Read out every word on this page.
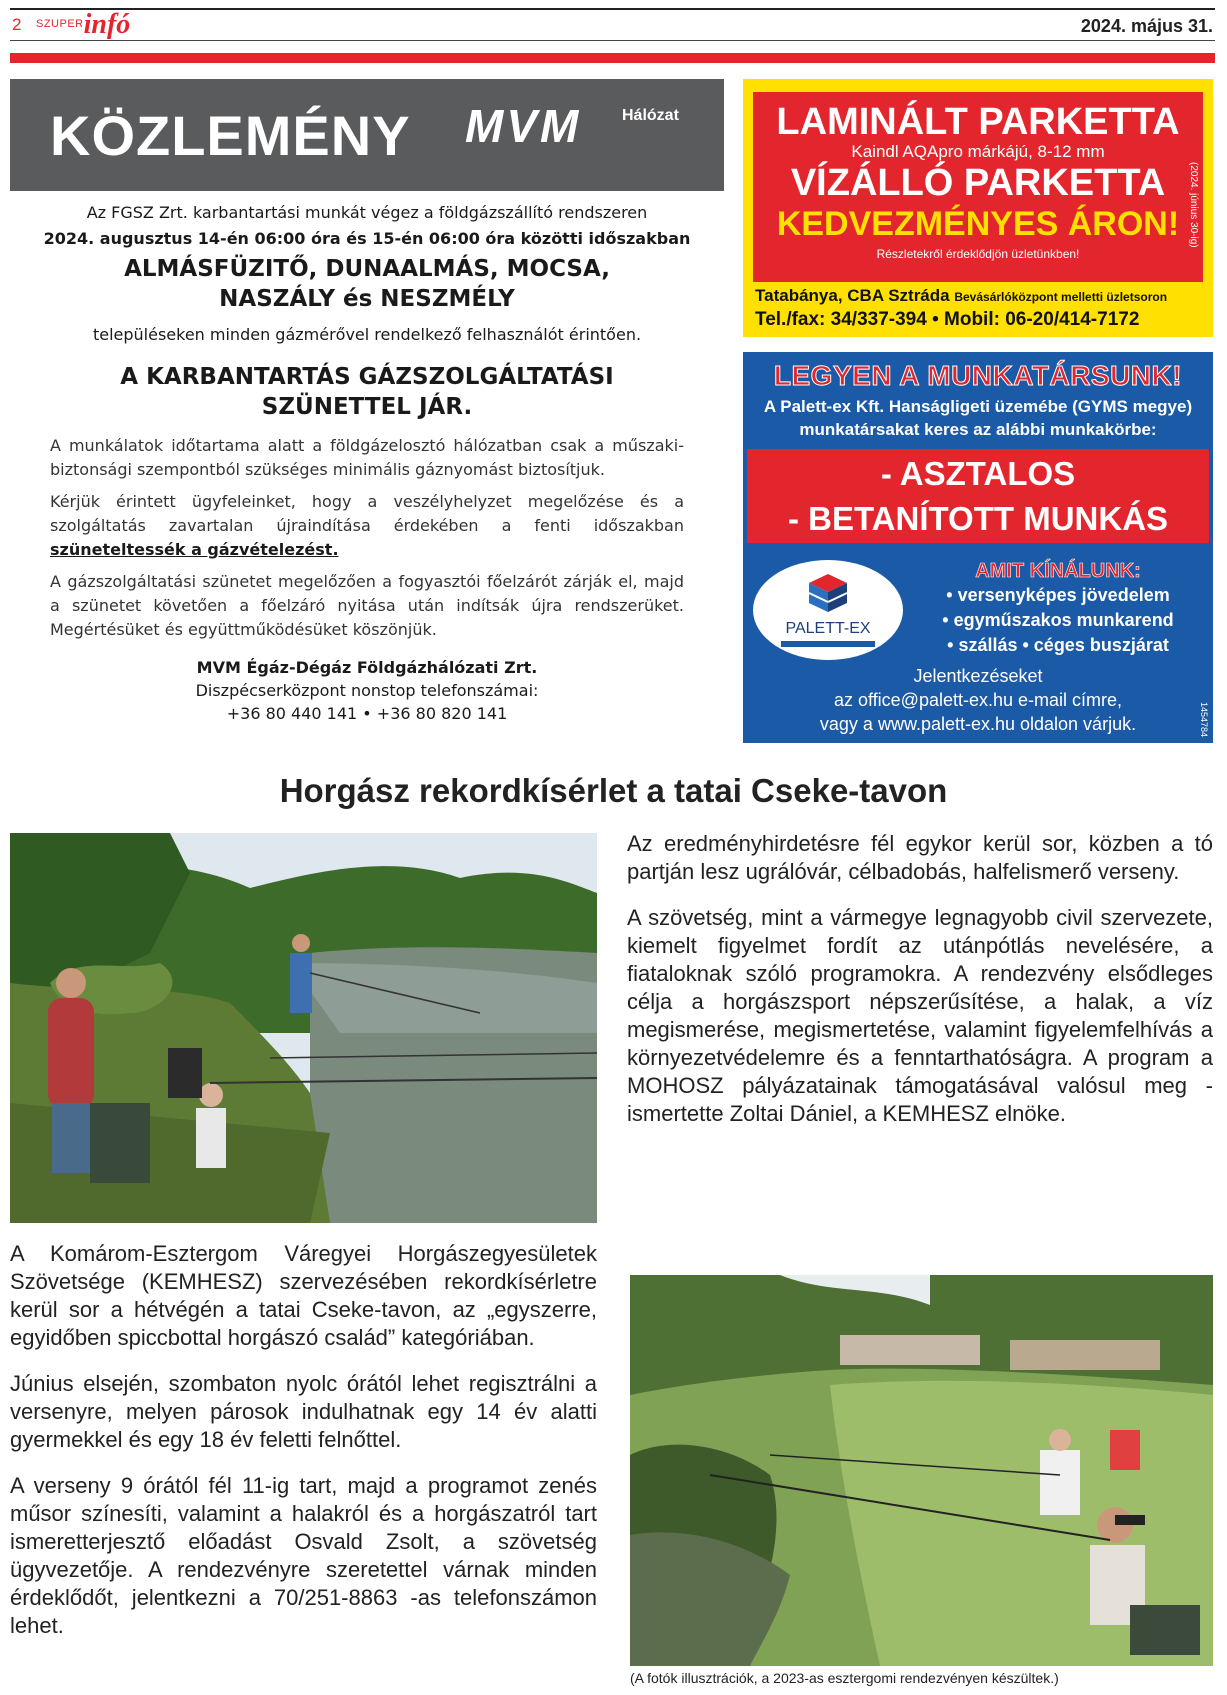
2 $^{SZUPER}$infó	2024. május 31.
KÖZLEMÉNY MVM	Hálózat
Az FGSZ Zrt. karbantartási munkát végez a földgázszállító rendszeren
2024. augusztus 14-én 06:00 óra és 15-én 06:00 óra közötti időszakban
ALMÁSFÜZITŐ, DUNAALMÁS, MOCSA,
NASZÁLY és NESZMÉLY
településeken minden gázmérővel rendelkező felhasználót érintően.
A KARBANTARTÁS GÁZSZOLGÁLTATÁSI
SZÜNETTEL JÁR.
A munkálatok időtartama alatt a földgázelosztó hálózatban csak a műszaki-biztonsági szempontból szükséges minimális gáznyomást biztosítjuk.
Kérjük érintett ügyfeleinket, hogy a veszélyhelyzet megelőzése és a szolgáltatás zavartalan újraindítása érdekében a fenti időszakban szüneteltessék a gázvételezést.
A gázszolgáltatási szünetet megelőzően a fogyasztói főelzárót zárják el, majd a szünetet követően a főelzáró nyitása után indítsák újra rendszerüket. Megértésüket és együttműködésüket köszönjük.
MVM Égáz-Dégáz Földgázhálózati Zrt.
Diszpécserközpont nonstop telefonszámai:
+36 80 440 141 • +36 80 820 141
LAMINÁLT PARKETTA
Kaindl AQApro márkájú, 8-12 mm
VÍZÁLLÓ PARKETTA
KEDVEZMÉNYES ÁRON!
Részletekről érdeklődjön üzletünkben!
(2024. június 30-ig)
Tatabánya, CBA Sztráda Bevásárlóközpont melletti üzletsoron
Tel./fax: 34/337-394 • Mobil: 06-20/414-7172
LEGYEN A MUNKATÁRSUNK!
A Palett-ex Kft. Hanságligeti üzemébe (GYMS megye)
munkatársakat keres az alábbi munkakörbe:
- ASZTALOS
- BETANÍTOTT MUNKÁS
PALETT-EX
AMIT KÍNÁLUNK:
• versenyképes jövedelem
• egyműszakos munkarend
• szállás • céges buszjárat
Jelentkezéseket
az office@palett-ex.hu e-mail címre,
vagy a www.palett-ex.hu oldalon várjuk.	1454784
Horgász rekordkísérlet a tatai Cseke-tavon

A Komárom-Esztergom Váregyei Horgászegyesületek Szövetsége (KEMHESZ) szervezésében rekordkísérletre kerül sor a hétvégén a tatai Cseke-tavon, az „egyszerre, egyidőben spiccbottal horgászó család” kategóriában.

Június elsején, szombaton nyolc órától lehet regisztrálni a versenyre, melyen párosok indulhatnak egy 14 év alatti gyermekkel és egy 18 év feletti felnőttel.

A verseny 9 órától fél 11-ig tart, majd a programot zenés műsor színesíti, valamint a halakról és a horgászatról tart ismeretterjesztő előadást Osvald Zsolt, a szövetség ügyvezetője. A rendezvényre szeretettel várnak minden érdeklődőt, jelentkezni a 70/251-8863 -as telefonszámon lehet.

Az eredményhirdetésre fél egykor kerül sor, közben a tó partján lesz ugrálóvár, célbadobás, halfelismerő verseny.

A szövetség, mint a vármegye legnagyobb civil szervezete, kiemelt figyelmet fordít az utánpótlás nevelésére, a fiataloknak szóló programokra. A rendezvény elsődleges célja a horgászsport népszerűsítése, a halak, a víz megismerése, megismertetése, valamint figyelemfelhívás a környezetvédelemre és a fenntarthatóságra. A program a MOHOSZ pályázatainak támogatásával valósul meg - ismertette Zoltai Dániel, a KEMHESZ elnöke.

(A fotók illusztrációk, a 2023-as esztergomi rendezvényen készültek.)
